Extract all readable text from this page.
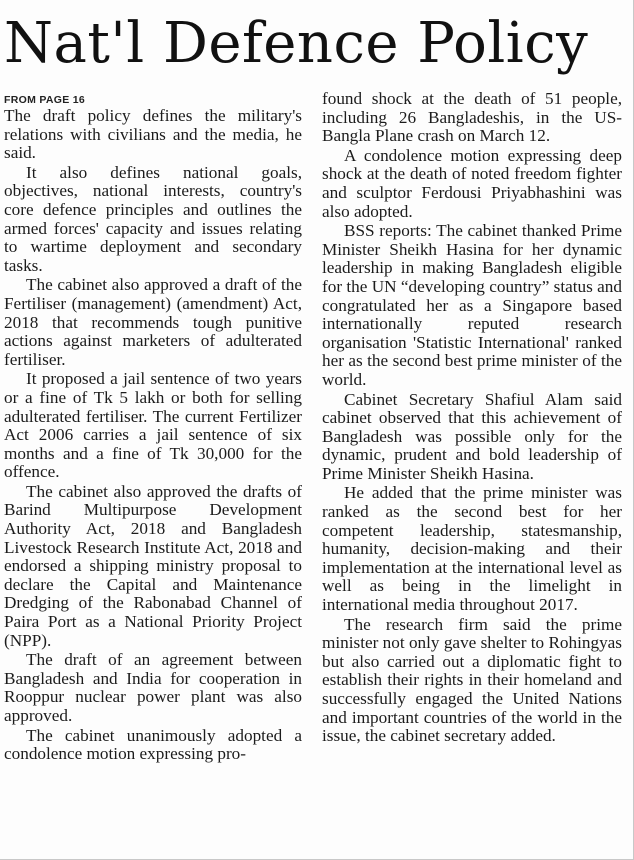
Nat'l Defence Policy
FROM PAGE 16

The draft policy defines the military's relations with civilians and the media, he said.

It also defines national goals, objectives, national interests, country's core defence principles and outlines the armed forces' capacity and issues relating to wartime deployment and secondary tasks.

The cabinet also approved a draft of the Fertiliser (management) (amendment) Act, 2018 that recommends tough punitive actions against marketers of adulterated fertiliser.

It proposed a jail sentence of two years or a fine of Tk 5 lakh or both for selling adulterated fertiliser. The current Fertilizer Act 2006 carries a jail sentence of six months and a fine of Tk 30,000 for the offence.

The cabinet also approved the drafts of Barind Multipurpose Development Authority Act, 2018 and Bangladesh Livestock Research Institute Act, 2018 and endorsed a shipping ministry proposal to declare the Capital and Maintenance Dredging of the Rabonabad Channel of Paira Port as a National Priority Project (NPP).

The draft of an agreement between Bangladesh and India for cooperation in Rooppur nuclear power plant was also approved.

The cabinet unanimously adopted a condolence motion expressing pro-

found shock at the death of 51 people, including 26 Bangladeshis, in the US-Bangla Plane crash on March 12.

A condolence motion expressing deep shock at the death of noted freedom fighter and sculptor Ferdousi Priyabhashini was also adopted.

BSS reports: The cabinet thanked Prime Minister Sheikh Hasina for her dynamic leadership in making Bangladesh eligible for the UN “developing country” status and congratulated her as a Singapore based internationally reputed research organisation 'Statistic International' ranked her as the second best prime minister of the world.

Cabinet Secretary Shafiul Alam said cabinet observed that this achievement of Bangladesh was possible only for the dynamic, prudent and bold leadership of Prime Minister Sheikh Hasina.

He added that the prime minister was ranked as the second best for her competent leadership, statesmanship, humanity, decision-making and their implementation at the international level as well as being in the limelight in international media throughout 2017.

The research firm said the prime minister not only gave shelter to Rohingyas but also carried out a diplomatic fight to establish their rights in their homeland and successfully engaged the United Nations and important countries of the world in the issue, the cabinet secretary added.
